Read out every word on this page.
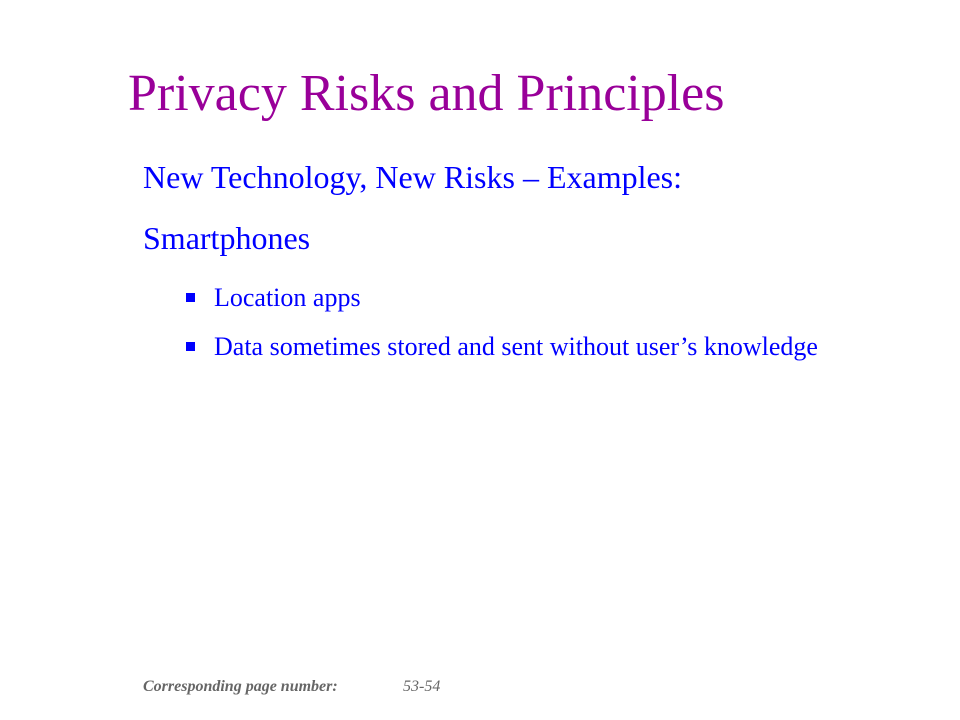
Privacy Risks and Principles
New Technology, New Risks – Examples:
Smartphones
Location apps
Data sometimes stored and sent without user’s knowledge
Corresponding page number:	53-54
